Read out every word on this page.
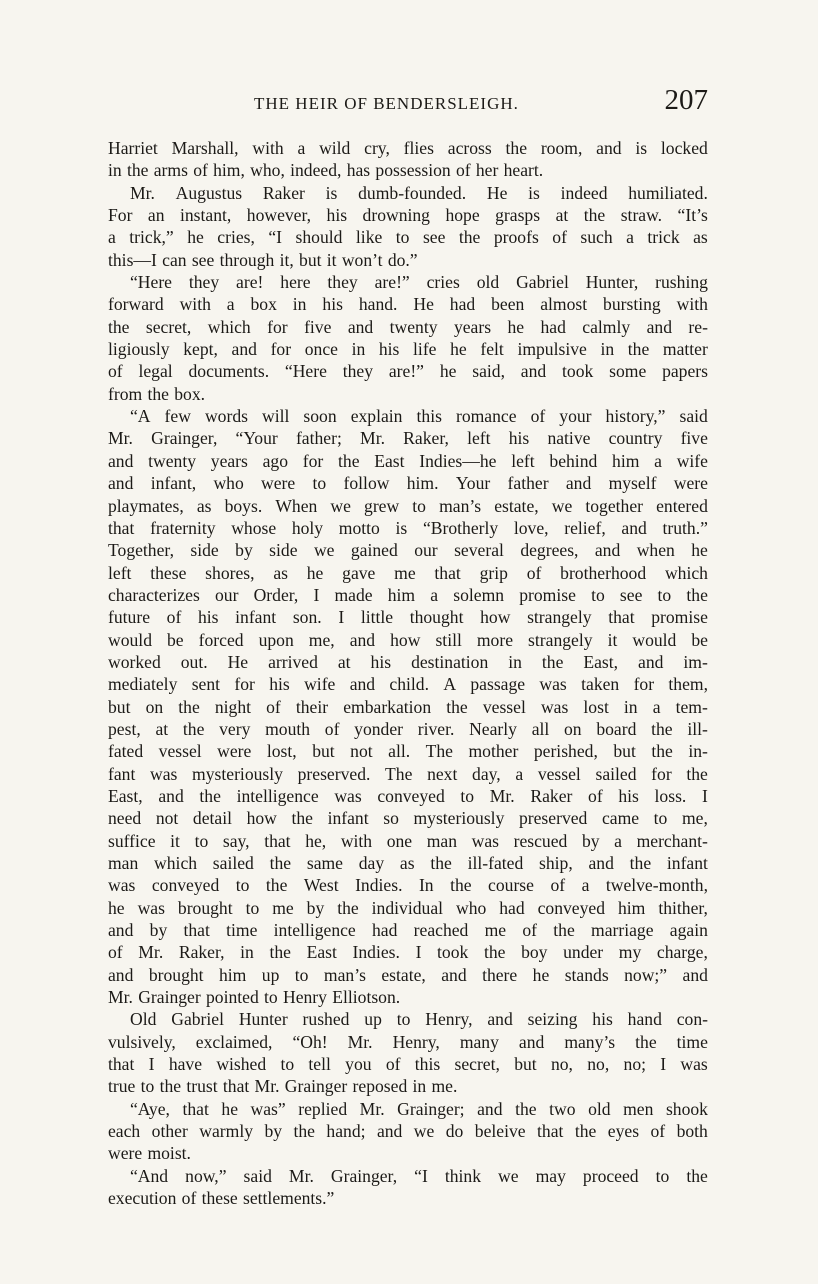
THE HEIR OF BENDERSLEIGH.	207
Harriet Marshall, with a wild cry, flies across the room, and is locked
in the arms of him, who, indeed, has possession of her heart.
Mr. Augustus Raker is dumb-founded. He is indeed humiliated.
For an instant, however, his drowning hope grasps at the straw. “It’s
a trick,” he cries, “I should like to see the proofs of such a trick as
this—I can see through it, but it won’t do.”
“Here they are! here they are!” cries old Gabriel Hunter, rushing
forward with a box in his hand. He had been almost bursting with
the secret, which for five and twenty years he had calmly and re-
ligiously kept, and for once in his life he felt impulsive in the matter
of legal documents. “Here they are!” he said, and took some papers
from the box.
“A few words will soon explain this romance of your history,” said
Mr. Grainger, “Your father; Mr. Raker, left his native country five
and twenty years ago for the East Indies—he left behind him a wife
and infant, who were to follow him. Your father and myself were
playmates, as boys. When we grew to man’s estate, we together entered
that fraternity whose holy motto is “Brotherly love, relief, and truth.”
Together, side by side we gained our several degrees, and when he
left these shores, as he gave me that grip of brotherhood which
characterizes our Order, I made him a solemn promise to see to the
future of his infant son. I little thought how strangely that promise
would be forced upon me, and how still more strangely it would be
worked out. He arrived at his destination in the East, and im-
mediately sent for his wife and child. A passage was taken for them,
but on the night of their embarkation the vessel was lost in a tem-
pest, at the very mouth of yonder river. Nearly all on board the ill-
fated vessel were lost, but not all. The mother perished, but the in-
fant was mysteriously preserved. The next day, a vessel sailed for the
East, and the intelligence was conveyed to Mr. Raker of his loss. I
need not detail how the infant so mysteriously preserved came to me,
suffice it to say, that he, with one man was rescued by a merchant-
man which sailed the same day as the ill-fated ship, and the infant
was conveyed to the West Indies. In the course of a twelve-month,
he was brought to me by the individual who had conveyed him thither,
and by that time intelligence had reached me of the marriage again
of Mr. Raker, in the East Indies. I took the boy under my charge,
and brought him up to man’s estate, and there he stands now;” and
Mr. Grainger pointed to Henry Elliotson.
Old Gabriel Hunter rushed up to Henry, and seizing his hand con-
vulsively, exclaimed, “Oh! Mr. Henry, many and many’s the time
that I have wished to tell you of this secret, but no, no, no; I was
true to the trust that Mr. Grainger reposed in me.
“Aye, that he was” replied Mr. Grainger; and the two old men shook
each other warmly by the hand; and we do beleive that the eyes of both
were moist.
“And now,” said Mr. Grainger, “I think we may proceed to the
execution of these settlements.”
